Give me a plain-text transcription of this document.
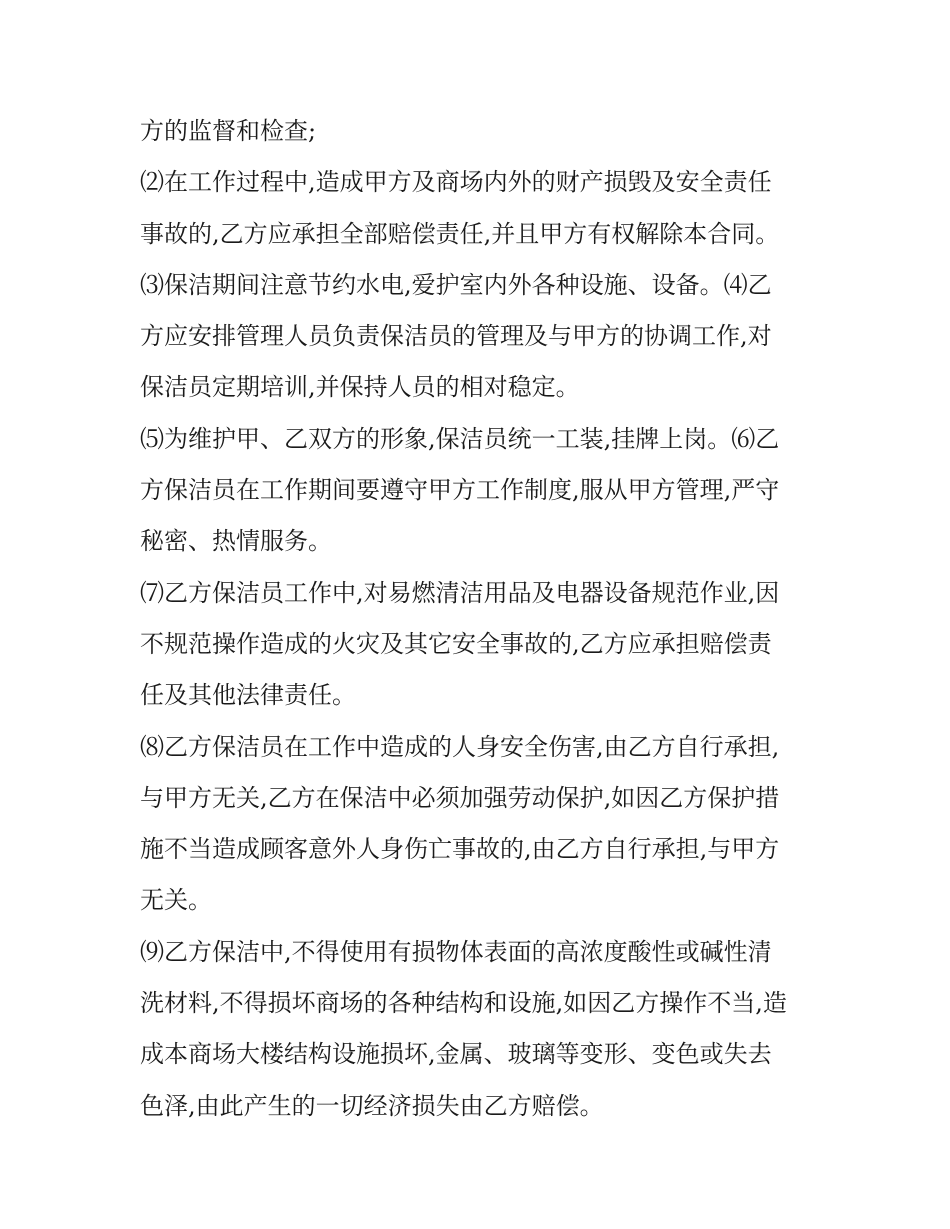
方的监督和检查;
⑵在工作过程中,造成甲方及商场内外的财产损毁及安全责任
事故的,乙方应承担全部赔偿责任,并且甲方有权解除本合同。
⑶保洁期间注意节约水电,爱护室内外各种设施、设备。⑷乙
方应安排管理人员负责保洁员的管理及与甲方的协调工作,对
保洁员定期培训,并保持人员的相对稳定。
⑸为维护甲、乙双方的形象,保洁员统一工装,挂牌上岗。⑹乙
方保洁员在工作期间要遵守甲方工作制度,服从甲方管理,严守
秘密、热情服务。
⑺乙方保洁员工作中,对易燃清洁用品及电器设备规范作业,因
不规范操作造成的火灾及其它安全事故的,乙方应承担赔偿责
任及其他法律责任。
⑻乙方保洁员在工作中造成的人身安全伤害,由乙方自行承担,
与甲方无关,乙方在保洁中必须加强劳动保护,如因乙方保护措
施不当造成顾客意外人身伤亡事故的,由乙方自行承担,与甲方
无关。
⑼乙方保洁中,不得使用有损物体表面的高浓度酸性或碱性清
洗材料,不得损坏商场的各种结构和设施,如因乙方操作不当,造
成本商场大楼结构设施损坏,金属、玻璃等变形、变色或失去
色泽,由此产生的一切经济损失由乙方赔偿。
